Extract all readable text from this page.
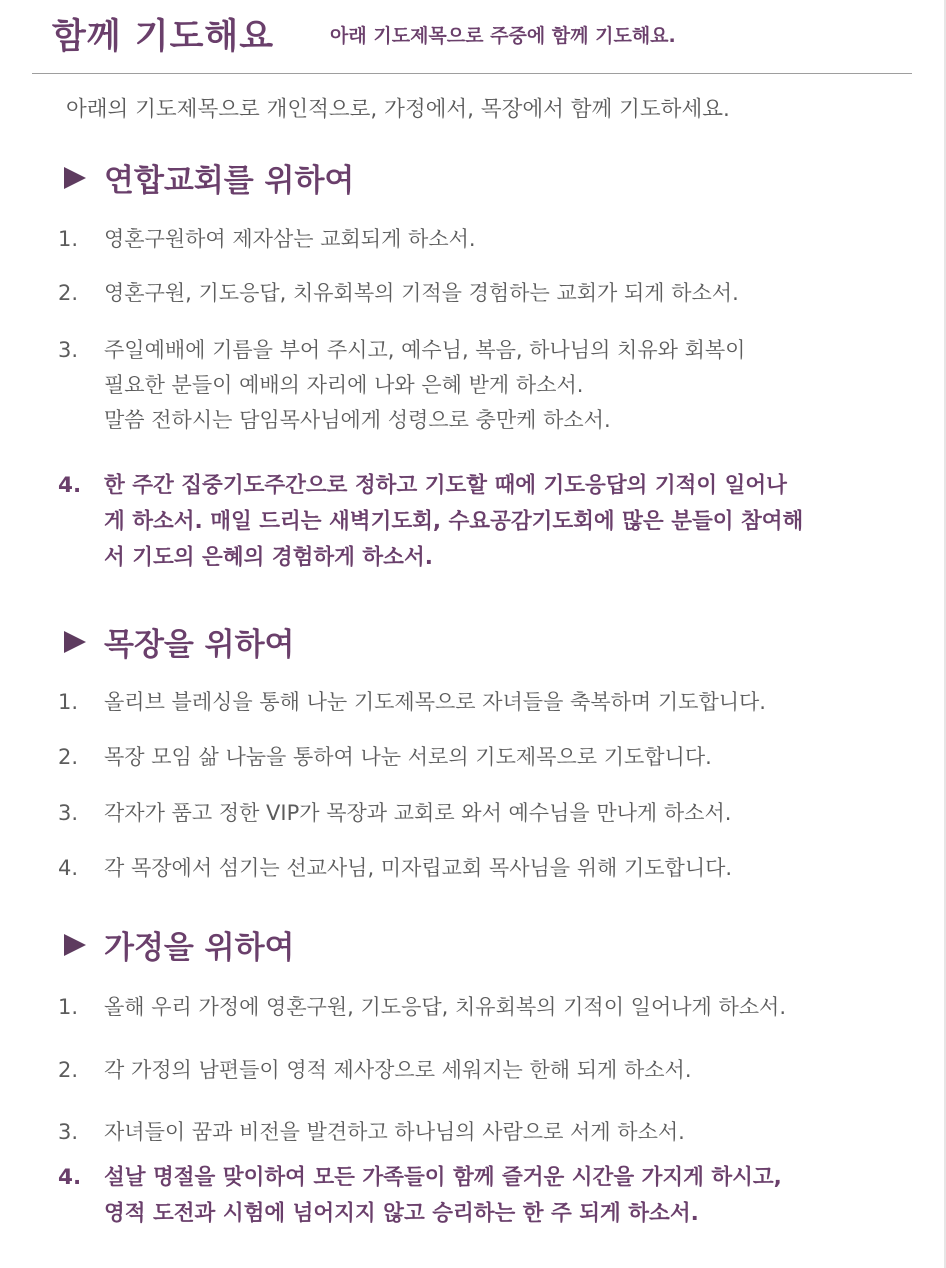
함께 기도해요	아래 기도제목으로 주중에 함께 기도해요.
아래의 기도제목으로 개인적으로, 가정에서, 목장에서 함께 기도하세요.
연합교회를 위하여
1.	영혼구원하여 제자삼는 교회되게 하소서.
2.	영혼구원, 기도응답, 치유회복의 기적을 경험하는 교회가 되게 하소서.
3.	주일예배에 기름을 부어 주시고, 예수님, 복음, 하나님의 치유와 회복이
필요한 분들이 예배의 자리에 나와 은혜 받게 하소서.
말씀 전하시는 담임목사님에게 성령으로 충만케 하소서.
4.	한 주간 집중기도주간으로 정하고 기도할 때에 기도응답의 기적이 일어나
게 하소서. 매일 드리는 새벽기도회, 수요공감기도회에 많은 분들이 참여해
서 기도의 은혜의 경험하게 하소서.
목장을 위하여
1.	올리브 블레싱을 통해 나눈 기도제목으로 자녀들을 축복하며 기도합니다.
2.	목장 모임 삶 나눔을 통하여 나눈 서로의 기도제목으로 기도합니다.
3.	각자가 품고 정한 VIP가 목장과 교회로 와서 예수님을 만나게 하소서.
4.	각 목장에서 섬기는 선교사님, 미자립교회 목사님을 위해 기도합니다.
가정을 위하여
1.	올해 우리 가정에 영혼구원, 기도응답, 치유회복의 기적이 일어나게 하소서.
2.	각 가정의 남편들이 영적 제사장으로 세워지는 한해 되게 하소서.
3.	자녀들이 꿈과 비전을 발견하고 하나님의 사람으로 서게 하소서.
4.	설날 명절을 맞이하여 모든 가족들이 함께 즐거운 시간을 가지게 하시고,
영적 도전과 시험에 넘어지지 않고 승리하는 한 주 되게 하소서.
